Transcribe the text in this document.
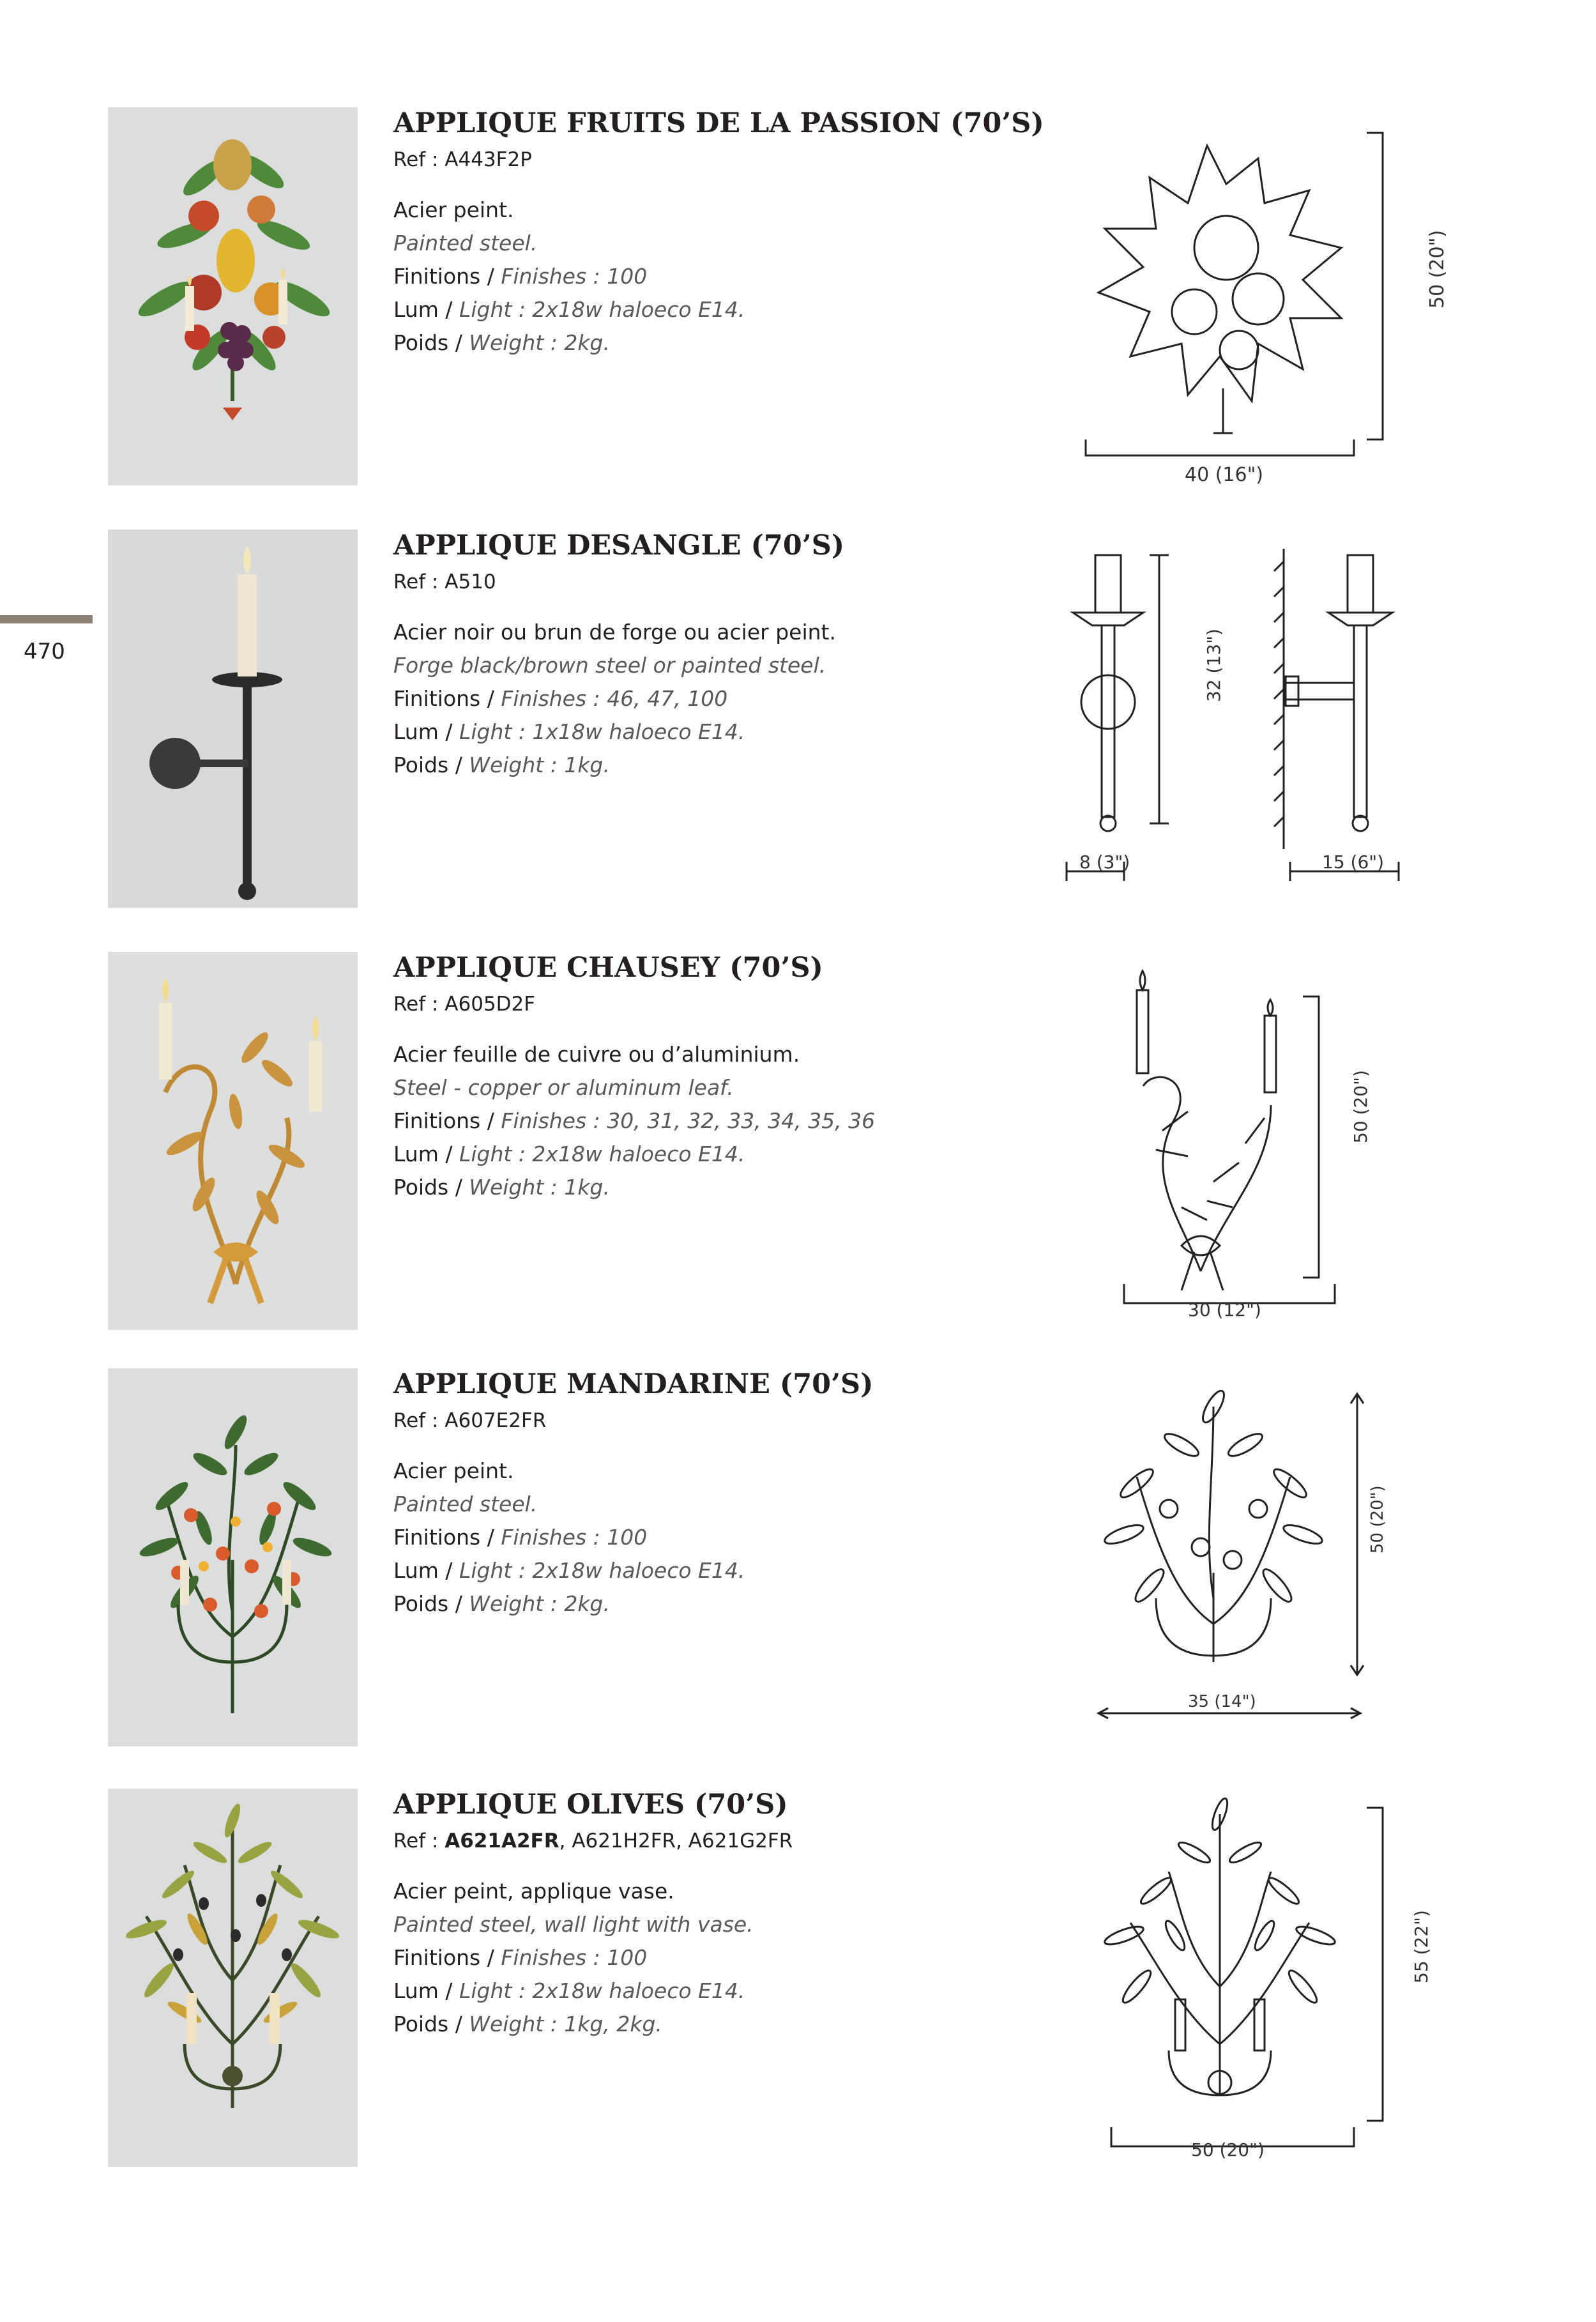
470
APPLIQUE FRUITS DE LA PASSION (70’S)
Ref : A443F2P
Acier peint.
Painted steel.
Finitions / Finishes : 100
Lum / Light : 2x18w haloeco E14.
Poids / Weight : 2kg.
50 (20")
40 (16")
APPLIQUE DESANGLE (70’S)
Ref : A510
Acier noir ou brun de forge ou acier peint.
Forge black/brown steel or painted steel.
Finitions / Finishes : 46, 47, 100
Lum / Light : 1x18w haloeco E14.
Poids / Weight : 1kg.
32 (13")
8 (3")	15 (6")
APPLIQUE CHAUSEY (70’S)
Ref : A605D2F
Acier feuille de cuivre ou d’aluminium.
Steel - copper or aluminum leaf.
Finitions / Finishes : 30, 31, 32, 33, 34, 35, 36
Lum / Light : 2x18w haloeco E14.
Poids / Weight : 1kg.
50 (20")
30 (12")
APPLIQUE MANDARINE (70’S)
Ref : A607E2FR
Acier peint.
Painted steel.
Finitions / Finishes : 100
Lum / Light : 2x18w haloeco E14.
Poids / Weight : 2kg.
50 (20")
35 (14")
APPLIQUE OLIVES (70’S)
Ref : A621A2FR, A621H2FR, A621G2FR
Acier peint, applique vase.
Painted steel, wall light with vase.
Finitions / Finishes : 100
Lum / Light : 2x18w haloeco E14.
Poids / Weight : 1kg, 2kg.
55 (22")
50 (20")
